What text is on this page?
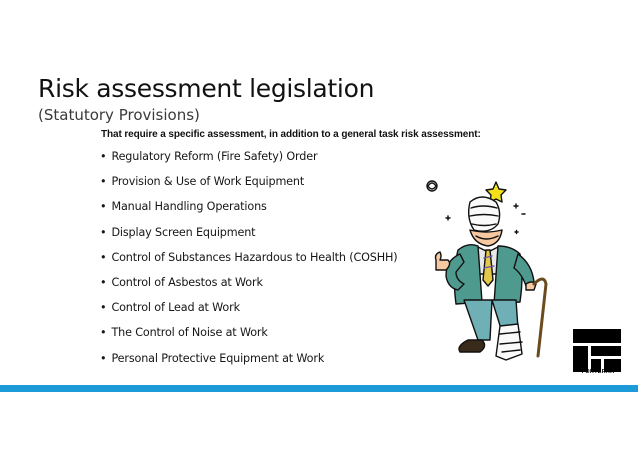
Risk assessment legislation
(Statutory Provisions)
That require a specific assessment, in addition to a general task risk assessment:
• Regulatory Reform (Fire Safety) Order
• Provision & Use of Work Equipment
• Manual Handling Operations
• Display Screen Equipment
• Control of Substances Hazardous to Health (COSHH)
• Control of Asbestos at Work
• Control of Lead at Work
• The Control of Noise at Work
• Personal Protective Equipment at Work
FORTERRA
